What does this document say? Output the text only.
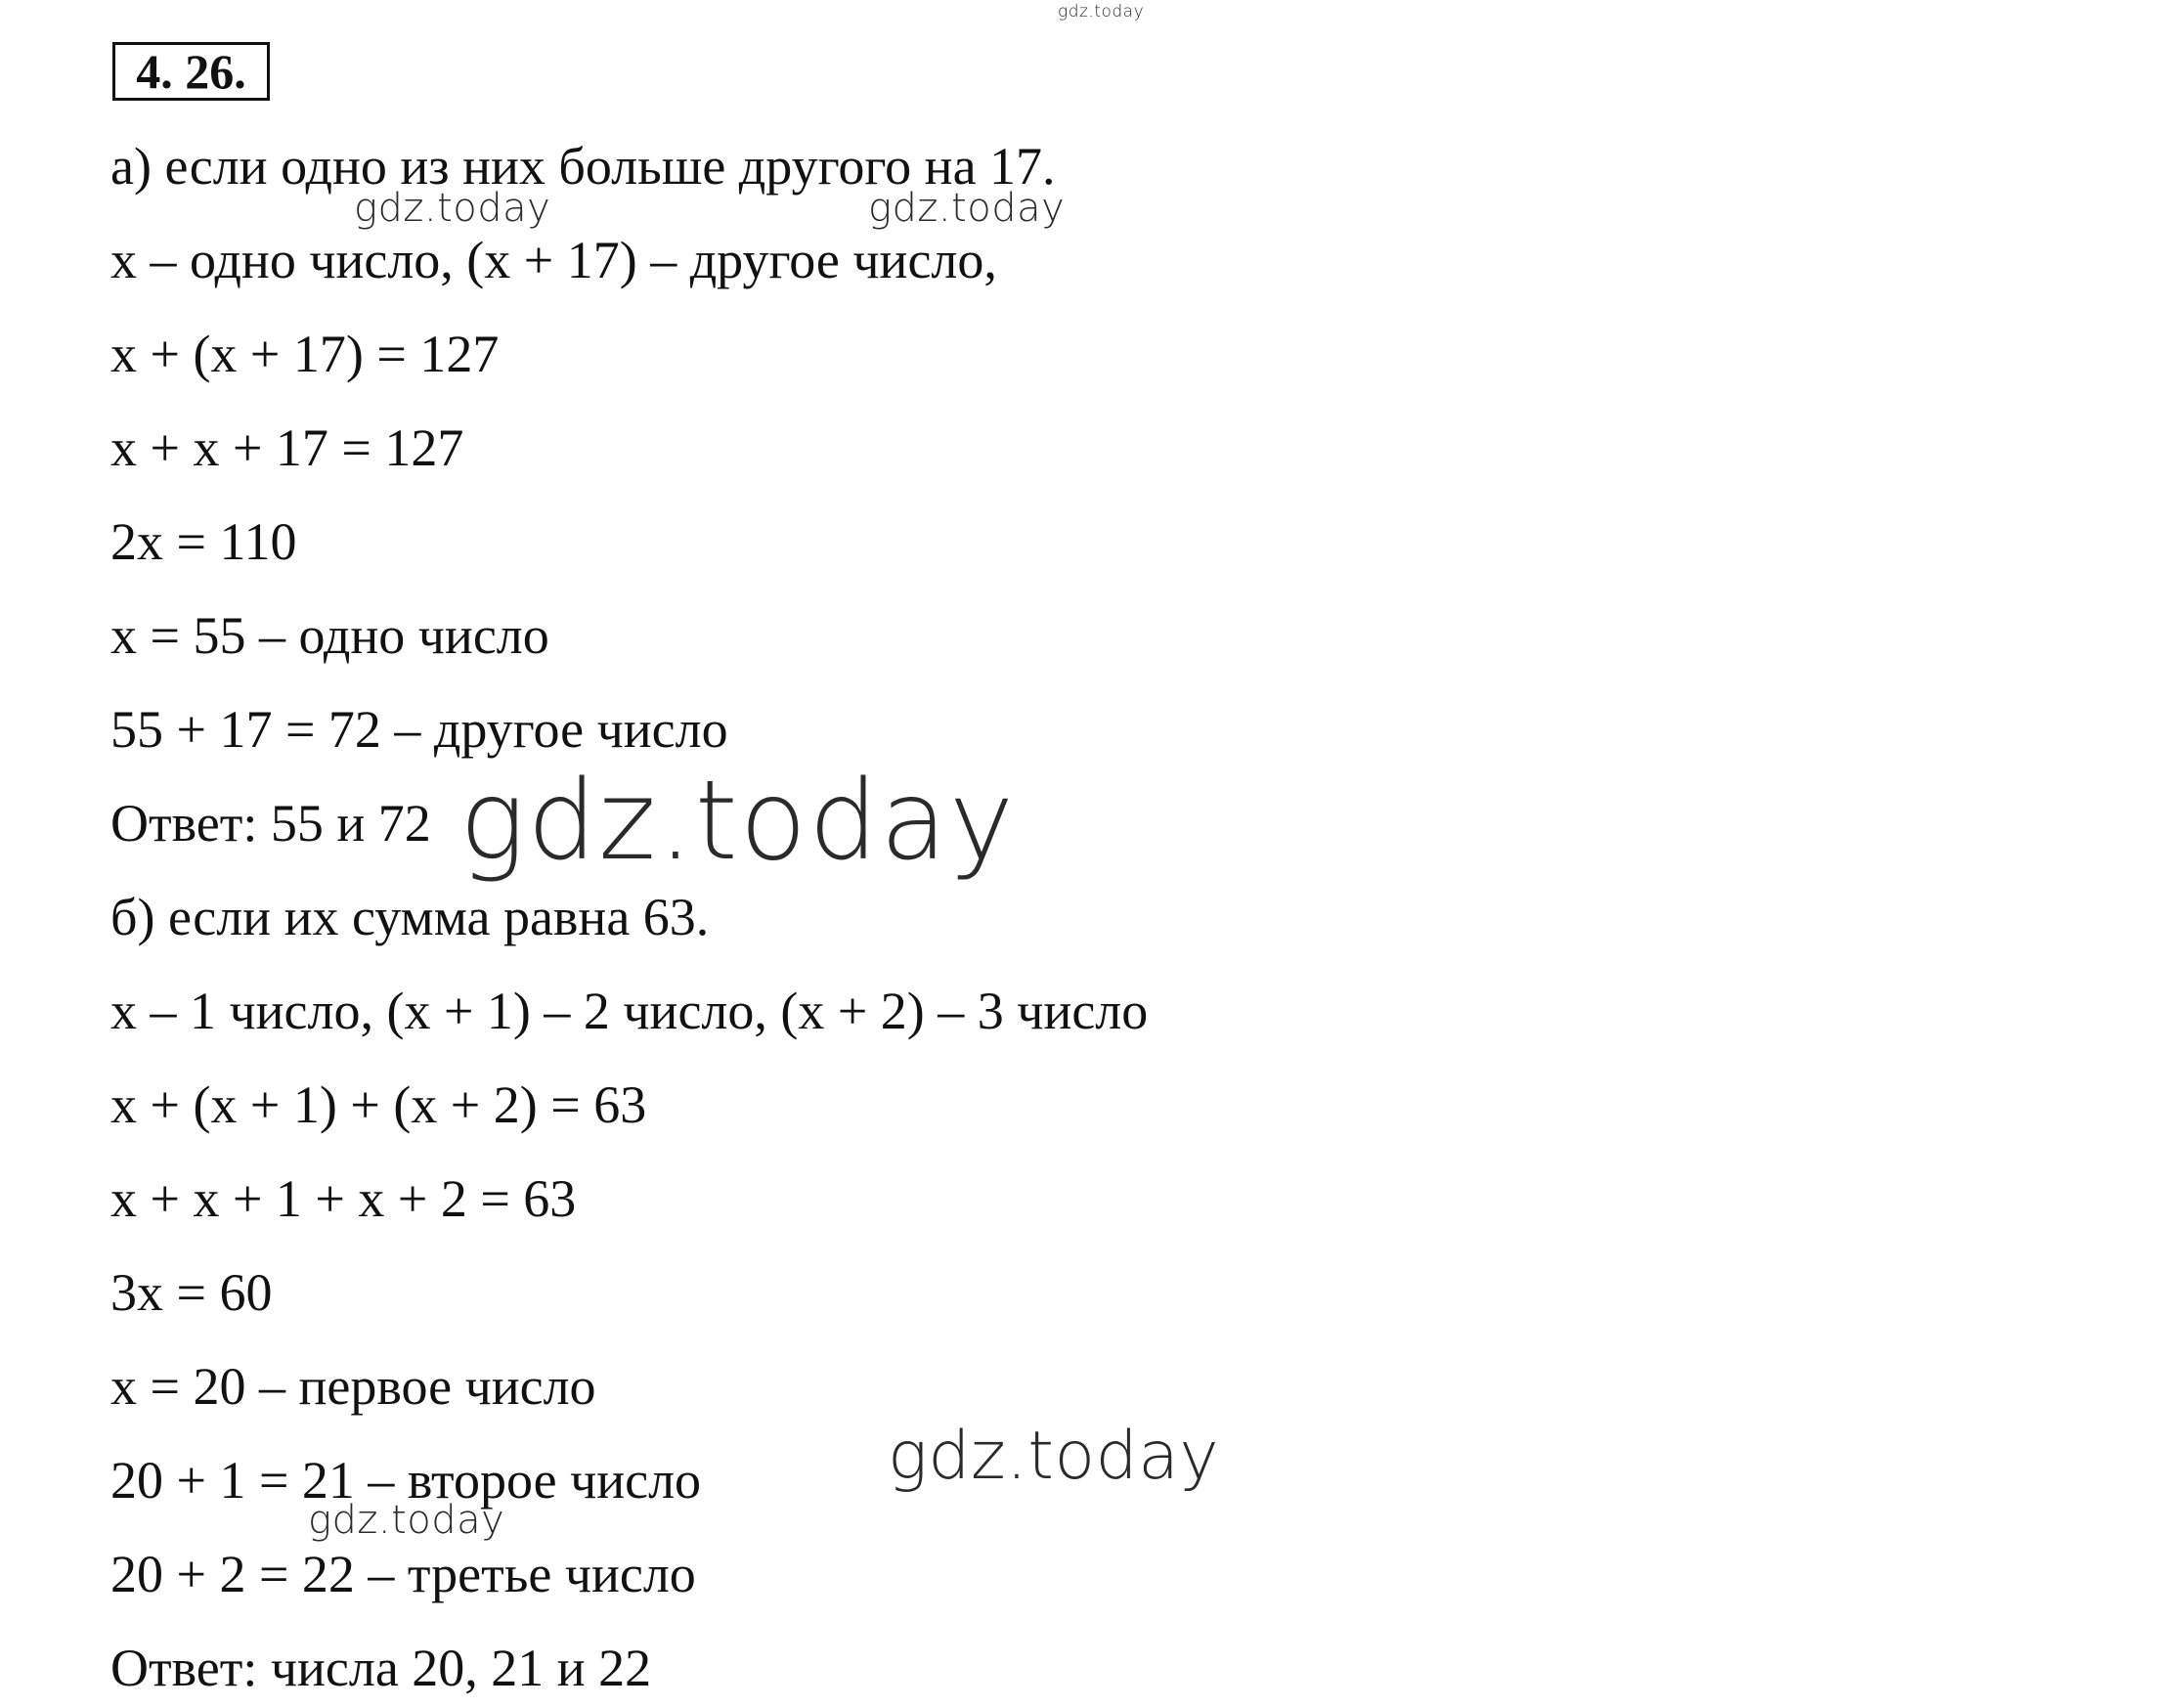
4. 26.
а) если одно из них больше другого на 17.
х – одно число, (х + 17) – другое число,
х + (х + 17) = 127
х + х + 17 = 127
2х = 110
х = 55 – одно число
55 + 17 = 72 – другое число
Ответ: 55 и 72
б) если их сумма равна 63.
х – 1 число, (х + 1) – 2 число, (х + 2) – 3 число
х + (х + 1) + (х + 2) = 63
х + х + 1 + х + 2 = 63
3х = 60
х = 20 – первое число
20 + 1 = 21 – второе число
20 + 2 = 22 – третье число
Ответ: числа 20, 21 и 22
gdz.today
gdz.today	gdz.today
gdz.today
gdz.today
gdz.today
